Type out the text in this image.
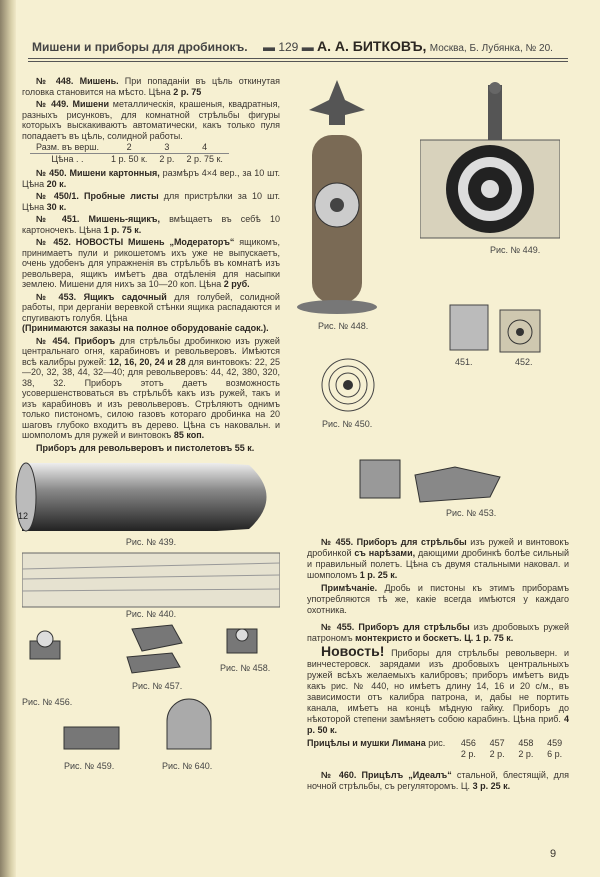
Мишени и приборы для дробинокъ. ▬ 129 ▬ А. А. БИТКОВЪ, Москва, Б. Лубянка, № 20.

№ 448. Мишень. При попаданіи въ цѣль откинутая головка становится на мѣсто. Цѣна 2 р. 75

№ 449. Мишени металлическія, крашеныя, квадратныя, разныхъ рисунковъ, для комнатной стрѣльбы фигуры которыхъ выскакиваютъ автоматически, какъ только пуля попадаетъ въ цѣль, солидной работы.

Разм. въ верш.	2	3	4
Цѣна . .	1 р. 50 к.	2 р.	2 р. 75 к.

№ 450. Мишени картонныя, размѣръ 4×4 вер., за 10 шт. Цѣна 20 к.

№ 450/1. Пробные листы для пристрѣлки за 10 шт. Цѣна 30 к.

№ 451. Мишень-ящикъ, вмѣщаетъ въ себѣ 10 картоночекъ. Цѣна 1 р. 75 к.

№ 452. НОВОСТЫ Мишень „Модераторъ“ ящикомъ, принимаетъ пули и рикошетомъ ихъ уже не выпускаетъ, очень удобенъ для упражненія въ стрѣльбѣ въ комнатѣ изъ револьвера, ящикъ имѣетъ два отдѣленія для насыпки землею. Мишени для нихъ за 10—20 коп. Цѣна 2 руб.

№ 453. Ящикъ садочный для голубей, солидной работы, при дерганіи веревкой стѣнки ящика распадаются и спугиваютъ голубя. Цѣна
(Принимаются заказы на полное оборудованіе садок.).

№ 454. Приборъ для стрѣльбы дробинкою изъ ружей центральнаго огня, карабиновъ и револьверовъ. Имѣются всѣ калибры ружей: 12, 16, 20, 24 и 28 для винтовокъ: 22, 25—20, 32, 38, 44, 32—40; для револьверовъ: 44, 42, 380, 320, 38, 32. Приборъ этотъ даетъ возможность усовершенствоваться въ стрѣльбѣ какъ изъ ружей, такъ и изъ карабиновъ и изъ револьверовъ. Стрѣляютъ однимъ только пистономъ, силою газовъ котораго дробинка на 20 шаговъ глубоко входитъ въ дерево. Цѣна съ наковальн. и шомполомъ для ружей и винтовокъ 85 коп.

Приборъ для револьверовъ и пистолетовъ 55 к.

12
Рис. № 439.
Рис. № 440.
Рис. № 457.
Рис. № 458.
Рис. № 456.
Рис. № 459.	Рис. № 640.
Рис. № 448.
Рис. № 449.
451.	452.
Рис. № 450.
Рис. № 453.

№ 455. Приборъ для стрѣльбы изъ ружей и винтовокъ дробинкой съ нарѣзами, дающими дробинкѣ болѣе сильный и правильный полетъ. Цѣна съ двумя стальными наковал. и шомполомъ 1 р. 25 к.

Примѣчаніе. Дробь и пистоны къ этимъ приборамъ употребляются тѣ же, какіе всегда имѣются у каждаго охотника.

№ 455. Приборъ для стрѣльбы изъ дробовыхъ ружей патрономъ монтекристо и боскетъ. Ц. 1 р. 75 к.

Новость! Приборы для стрѣльбы револьверн. и винчестеровск. зарядами изъ дробовыхъ центральныхъ ружей всѣхъ желаемыхъ калибровъ; приборъ имѣетъ видъ какъ рис. № 440, но имѣетъ длину 14, 16 и 20 с/м., въ зависимости отъ калибра патрона, и, дабы не портить канала, имѣетъ на концѣ мѣдную гайку. Приборъ до нѣкоторой степени замѣняетъ собою карабинъ. Цѣна приб. 4 р. 50 к.

Прицѣлы и мушки Лимана рис.	456	457	458	459
	2 р.	2 р.	2 р.	6 р.

№ 460. Прицѣлъ „Идеалъ“ стальной, блестящій, для ночной стрѣльбы, съ регуляторомъ. Ц. 3 р. 25 к.

9
